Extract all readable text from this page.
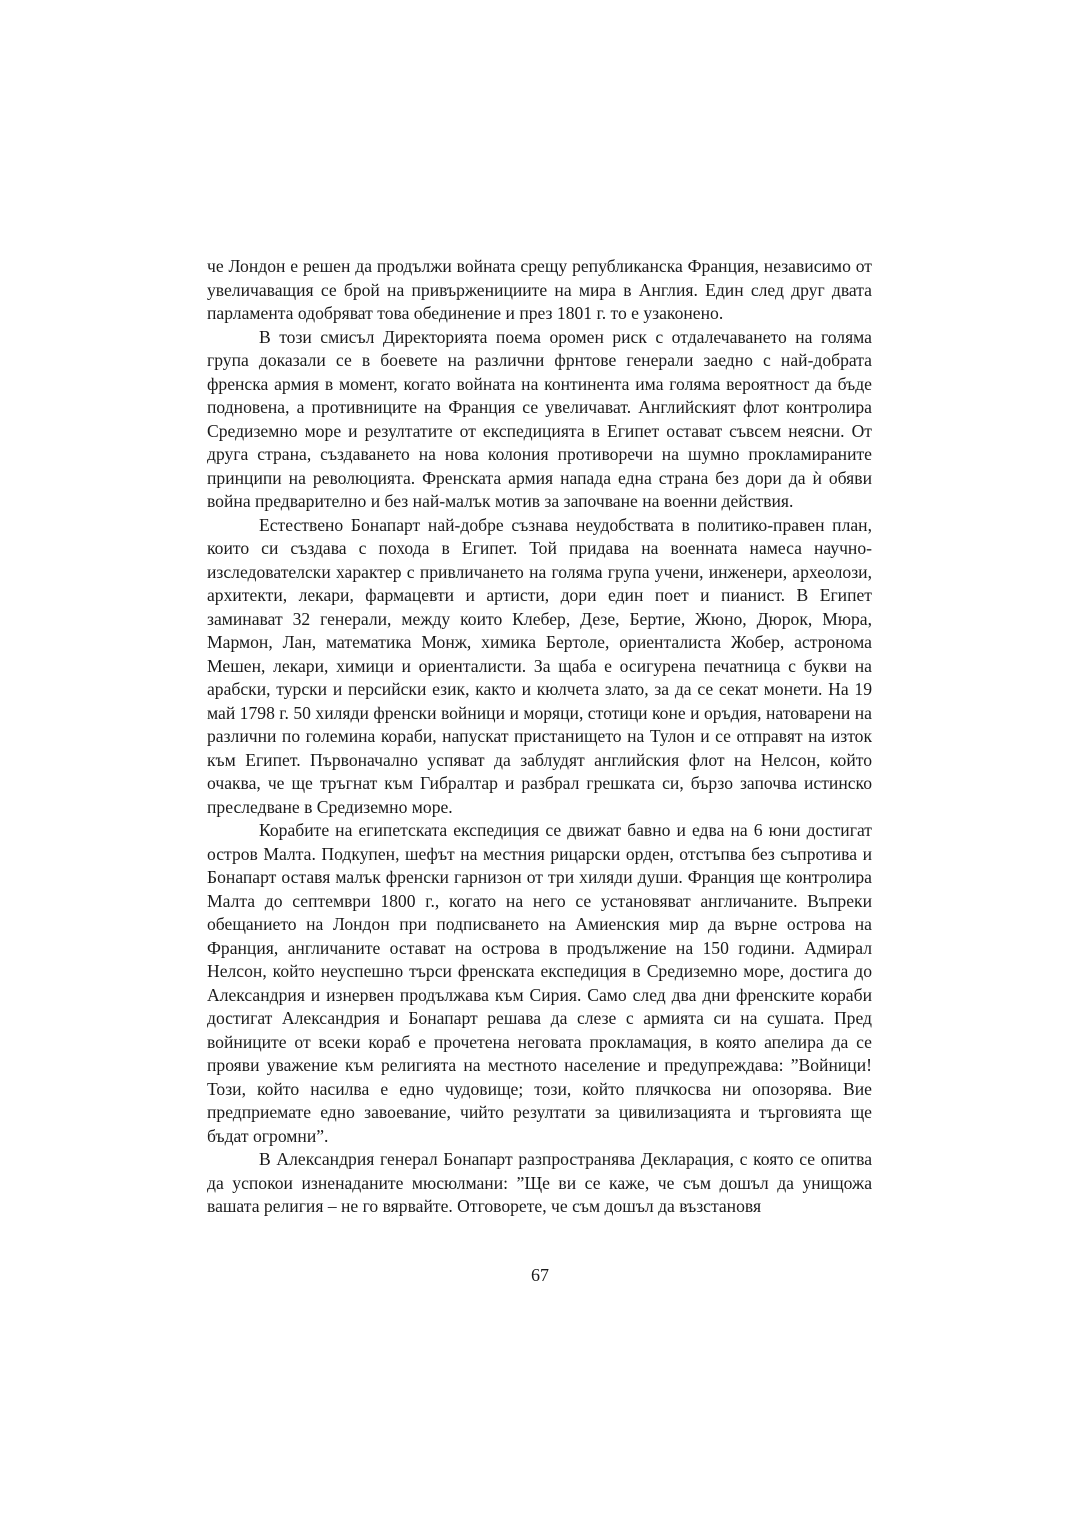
че Лондон е решен да продължи войната срещу републиканска Франция, независимо от увеличаващия се брой на привърженициите на мира в Англия. Един след друг двата парламента одобряват това обединение и през 1801 г. то е узаконено.

В този смисъл Директорията поема оромен риск с отдалечаването на голяма група доказали се в боевете на различни фрнтове генерали заедно с най-добрата френска армия в момент, когато войната на континента има голяма вероятност да бъде подновена, а противниците на Франция се увеличават. Английският флот контролира Средиземно море и резултатите от експедицията в Египет остават съвсем неясни. От друга страна, създаването на нова колония противоречи на шумно прокламираните принципи на революцията. Френската армия напада една страна без дори да ѝ обяви война предварително и без най-малък мотив за започване на военни действия.

Естествено Бонапарт най-добре съзнава неудобствата в политико-правен план, които си създава с похода в Египет. Той придава на военната намеса научно-изследователски характер с привличането на голяма група учени, инженери, археолози, архитекти, лекари, фармацевти и артисти, дори един поет и пианист. В Египет заминават 32 генерали, между които Клебер, Дезе, Бертие, Жюно, Дюрок, Мюра, Мармон, Лан, математика Монж, химика Бертоле, ориенталиста Жобер, астронома Мешен, лекари, химици и ориенталисти. За щаба е осигурена печатница с букви на арабски, турски и персийски език, както и кюлчета злато, за да се секат монети. На 19 май 1798 г. 50 хиляди френски войници и моряци, стотици коне и оръдия, натоварени на различни по големина кораби, напускат пристанището на Тулон и се отправят на изток към Египет. Първоначално успяват да заблудят английския флот на Нелсон, който очаква, че ще тръгнат към Гибралтар и разбрал грешката си, бързо започва истинско преследване в Средиземно море.

Корабите на египетската експедиция се движат бавно и едва на 6 юни достигат остров Малта. Подкупен, шефът на местния рицарски орден, отстъпва без съпротива и Бонапарт оставя малък френски гарнизон от три хиляди души. Франция ще контролира Малта до септември 1800 г., когато на него се установяват англичаните. Въпреки обещанието на Лондон при подписването на Амиенския мир да върне острова на Франция, англичаните остават на острова в продължение на 150 години. Адмирал Нелсон, който неуспешно търси френската експедиция в Средиземно море, достига до Александрия и изнервен продължава към Сирия. Само след два дни френските кораби достигат Александрия и Бонапарт решава да слезе с армията си на сушата. Пред войниците от всеки кораб е прочетена неговата прокламация, в която апелира да се прояви уважение към религията на местното население и предупреждава: ”Войници! Този, който насилва е едно чудовище; този, който плячкосва ни опозорява. Вие предприемате едно завоевание, чийто резултати за цивилизацията и търговията ще бъдат огромни”.

В Александрия генерал Бонапарт разпространява Декларация, с която се опитва да успокои изненаданите мюсюлмани: ”Ще ви се каже, че съм дошъл да унищожа вашата религия – не го вярвайте. Отговорете, че съм дошъл да възстановя

67
